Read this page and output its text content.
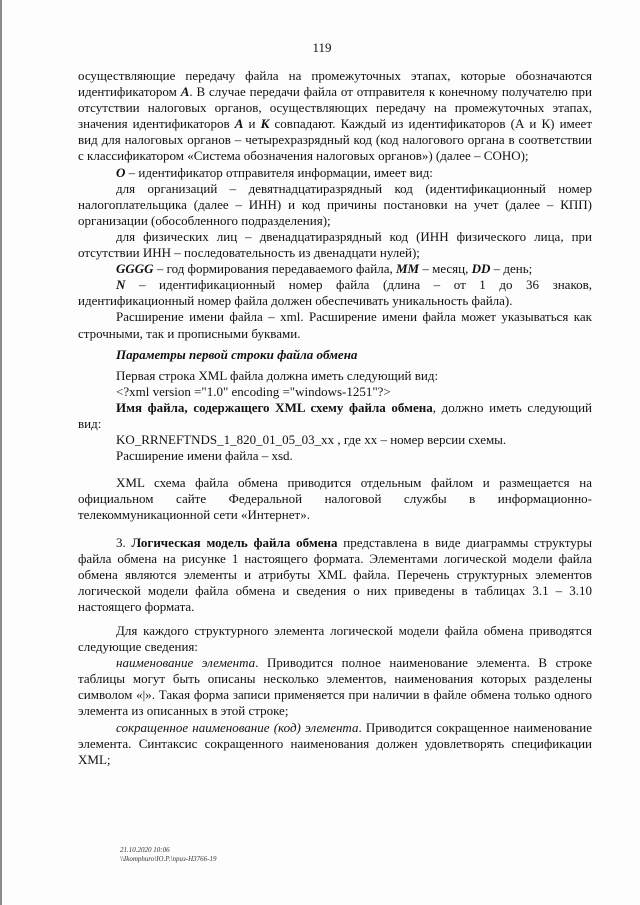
119

осуществляющие передачу файла на промежуточных этапах, которые обозначаются идентификатором А. В случае передачи файла от отправителя к конечному получателю при отсутствии налоговых органов, осуществляющих передачу на промежуточных этапах, значения идентификаторов А и К совпадают. Каждый из идентификаторов (А и К) имеет вид для налоговых органов – четырехразрядный код (код налогового органа в соответствии с классификатором «Система обозначения налоговых органов») (далее – СОНО);

О – идентификатор отправителя информации, имеет вид:

для организаций – девятнадцатиразрядный код (идентификационный номер налогоплательщика (далее – ИНН) и код причины постановки на учет (далее – КПП) организации (обособленного подразделения);

для физических лиц – двенадцатиразрядный код (ИНН физического лица, при отсутствии ИНН – последовательность из двенадцати нулей);

GGGG – год формирования передаваемого файла, ММ – месяц, DD – день;

N – идентификационный номер файла (длина – от 1 до 36 знаков, идентификационный номер файла должен обеспечивать уникальность файла).

Расширение имени файла – xml. Расширение имени файла может указываться как строчными, так и прописными буквами.

Параметры первой строки файла обмена

Первая строка XML файла должна иметь следующий вид:

<?xml version ="1.0" encoding ="windows-1251"?>

Имя файла, содержащего XML схему файла обмена, должно иметь следующий вид:

KO_RRNEFTNDS_1_820_01_05_03_xx , где хх – номер версии схемы.

Расширение имени файла – xsd.

XML схема файла обмена приводится отдельным файлом и размещается на официальном сайте Федеральной налоговой службы в информационно-телекоммуникационной сети «Интернет».

3. Логическая модель файла обмена представлена в виде диаграммы структуры файла обмена на рисунке 1 настоящего формата. Элементами логической модели файла обмена являются элементы и атрибуты XML файла. Перечень структурных элементов логической модели файла обмена и сведения о них приведены в таблицах 3.1 – 3.10 настоящего формата.

Для каждого структурного элемента логической модели файла обмена приводятся следующие сведения:

наименование элемента. Приводится полное наименование элемента. В строке таблицы могут быть описаны несколько элементов, наименования которых разделены символом «|». Такая форма записи применяется при наличии в файле обмена только одного элемента из описанных в этой строке;

сокращенное наименование (код) элемента. Приводится сокращенное наименование элемента. Синтаксис сокращенного наименования должен удовлетворять спецификации XML;

21.10.2020 10:06
\\Ikomphuro\Ю.Р.\приз-Н3766-19
